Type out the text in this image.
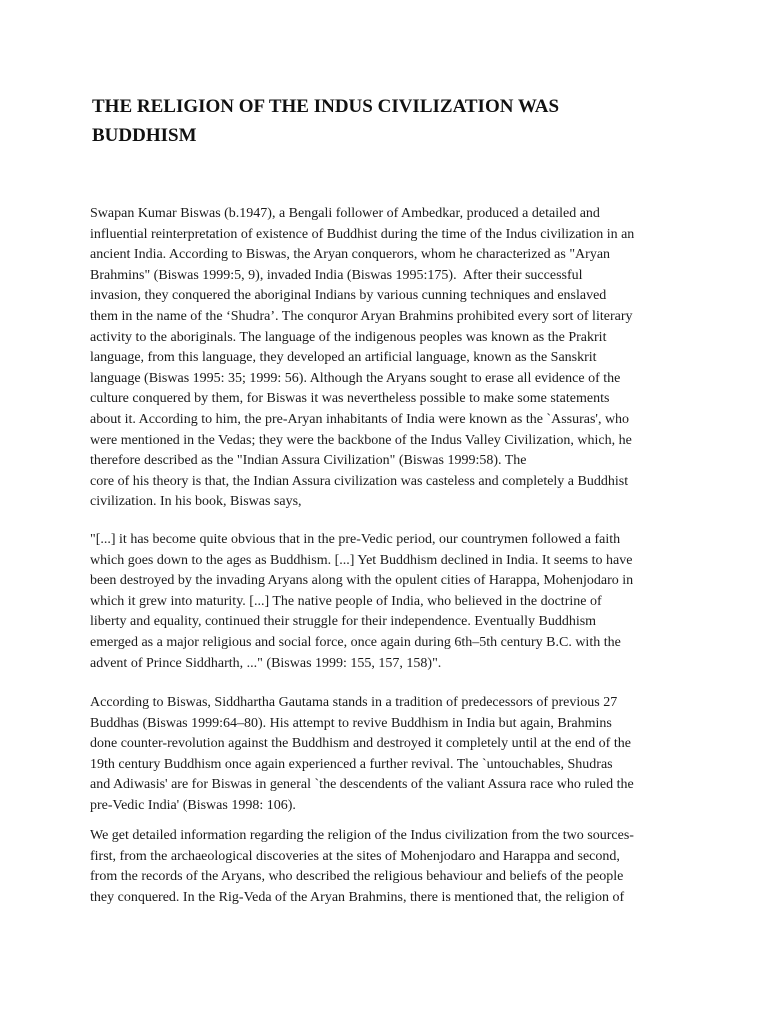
THE RELIGION OF THE INDUS CIVILIZATION WAS
BUDDHISM

Swapan Kumar Biswas (b.1947), a Bengali follower of Ambedkar, produced a detailed and
influential reinterpretation of existence of Buddhist during the time of the Indus civilization in an
ancient India. According to Biswas, the Aryan conquerors, whom he characterized as "Aryan
Brahmins" (Biswas 1999:5, 9), invaded India (Biswas 1995:175).  After their successful
invasion, they conquered the aboriginal Indians by various cunning techniques and enslaved
them in the name of the ‘Shudra’. The conquror Aryan Brahmins prohibited every sort of literary
activity to the aboriginals. The language of the indigenous peoples was known as the Prakrit
language, from this language, they developed an artificial language, known as the Sanskrit
language (Biswas 1995: 35; 1999: 56). Although the Aryans sought to erase all evidence of the
culture conquered by them, for Biswas it was nevertheless possible to make some statements
about it. According to him, the pre-Aryan inhabitants of India were known as the `Assuras', who
were mentioned in the Vedas; they were the backbone of the Indus Valley Civilization, which, he
therefore described as the "Indian Assura Civilization" (Biswas 1999:58). The
core of his theory is that, the Indian Assura civilization was casteless and completely a Buddhist
civilization. In his book, Biswas says,

"[...] it has become quite obvious that in the pre-Vedic period, our countrymen followed a faith
which goes down to the ages as Buddhism. [...] Yet Buddhism declined in India. It seems to have
been destroyed by the invading Aryans along with the opulent cities of Harappa, Mohenjodaro in
which it grew into maturity. [...] The native people of India, who believed in the doctrine of
liberty and equality, continued their struggle for their independence. Eventually Buddhism
emerged as a major religious and social force, once again during 6th–5th century B.C. with the
advent of Prince Siddharth, ..." (Biswas 1999: 155, 157, 158)".

According to Biswas, Siddhartha Gautama stands in a tradition of predecessors of previous 27
Buddhas (Biswas 1999:64–80). His attempt to revive Buddhism in India but again, Brahmins
done counter-revolution against the Buddhism and destroyed it completely until at the end of the
19th century Buddhism once again experienced a further revival. The `untouchables, Shudras
and Adiwasis' are for Biswas in general `the descendents of the valiant Assura race who ruled the
pre-Vedic India' (Biswas 1998: 106).

We get detailed information regarding the religion of the Indus civilization from the two sources-
first, from the archaeological discoveries at the sites of Mohenjodaro and Harappa and second,
from the records of the Aryans, who described the religious behaviour and beliefs of the people
they conquered. In the Rig-Veda of the Aryan Brahmins, there is mentioned that, the religion of
